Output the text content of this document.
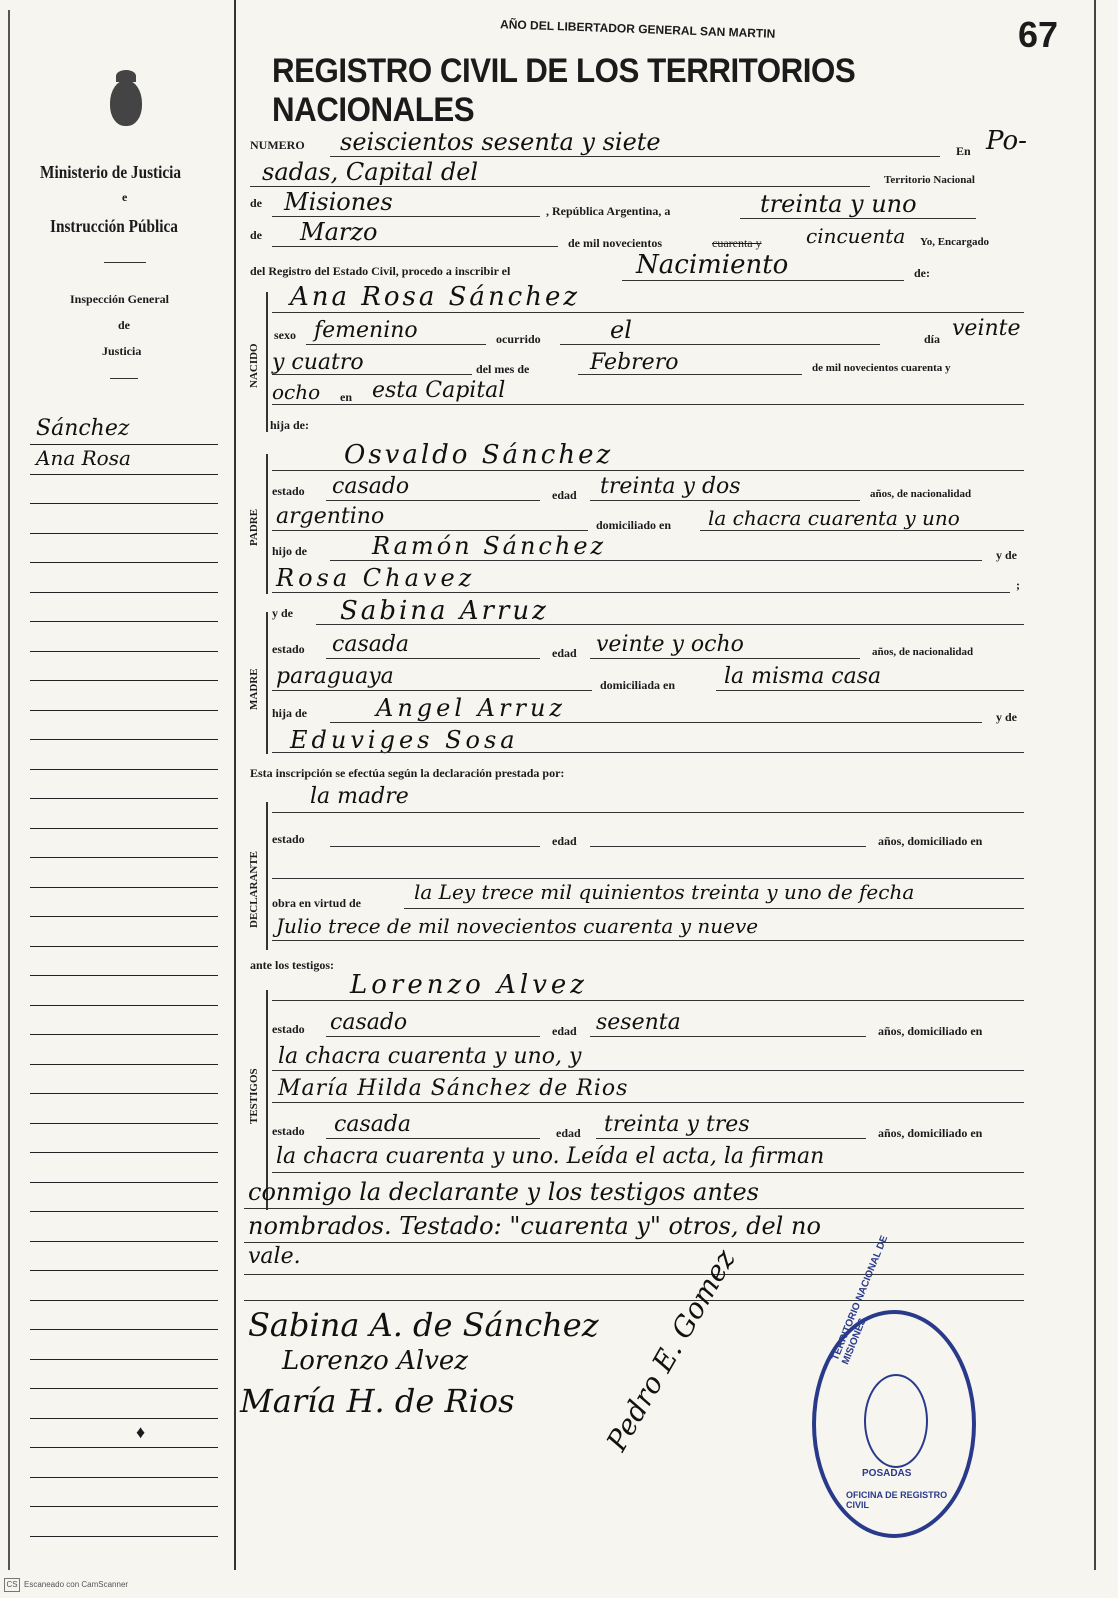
AÑO DEL LIBERTADOR GENERAL SAN MARTIN	67
REGISTRO CIVIL DE LOS TERRITORIOS NACIONALES
Ministerio de Justicia
e
Instrucción Pública
Inspección General
de
Justicia
Sánchez
Ana Rosa
♦
NUMERO seiscientos sesenta y siete	En Po-
sadas, Capital del	Territorio Nacional
de Misiones	, República Argentina, a	treinta y uno
de Marzo	de mil novecientos	cuarenta y cincuenta Yo, Encargado
del Registro del Estado Civil, procedo a inscribir el	Nacimiento	de:
NACIDO
Ana Rosa Sánchez
sexo femenino	ocurrido	el	día veinte
y cuatro	del mes de	Febrero	de mil novecientos cuarenta y
ocho en esta Capital
hija de:
PADRE
Osvaldo Sánchez
estado casado	edad treinta y dos	años, de nacionalidad
argentino	domiciliado en la chacra cuarenta y uno
hijo de	Ramón Sánchez	y de
Rosa Chavez	;
MADRE
y de Sabina Arruz
estado casada	edad veinte y ocho	años, de nacionalidad
paraguaya	domiciliada en la misma casa
hija de	Angel Arruz	y de
Eduviges Sosa
Esta inscripción se efectúa según la declaración prestada por:
DECLARANTE
la madre
estado	edad	años, domiciliado en
obra en virtud de	la Ley trece mil quinientos treinta y uno de fecha
Julio trece de mil novecientos cuarenta y nueve
ante los testigos:
TESTIGOS
Lorenzo Alvez
estado casado	edad sesenta	años, domiciliado en
la chacra cuarenta y uno, y
María Hilda Sánchez de Rios
estado casada	edad treinta y tres	años, domiciliado en
la chacra cuarenta y uno. Leída el acta, la firman
conmigo la declarante y los testigos antes
nombrados. Testado: "cuarenta y" otros, del no
vale.
Sabina A. de Sánchez
Lorenzo Alvez
María H. de Rios	Pedro E. Gomez	TERRITORIO NACIONAL DE MISIONES
POSADAS
OFICINA DE REGISTRO CIVIL
CS Escaneado con CamScanner
